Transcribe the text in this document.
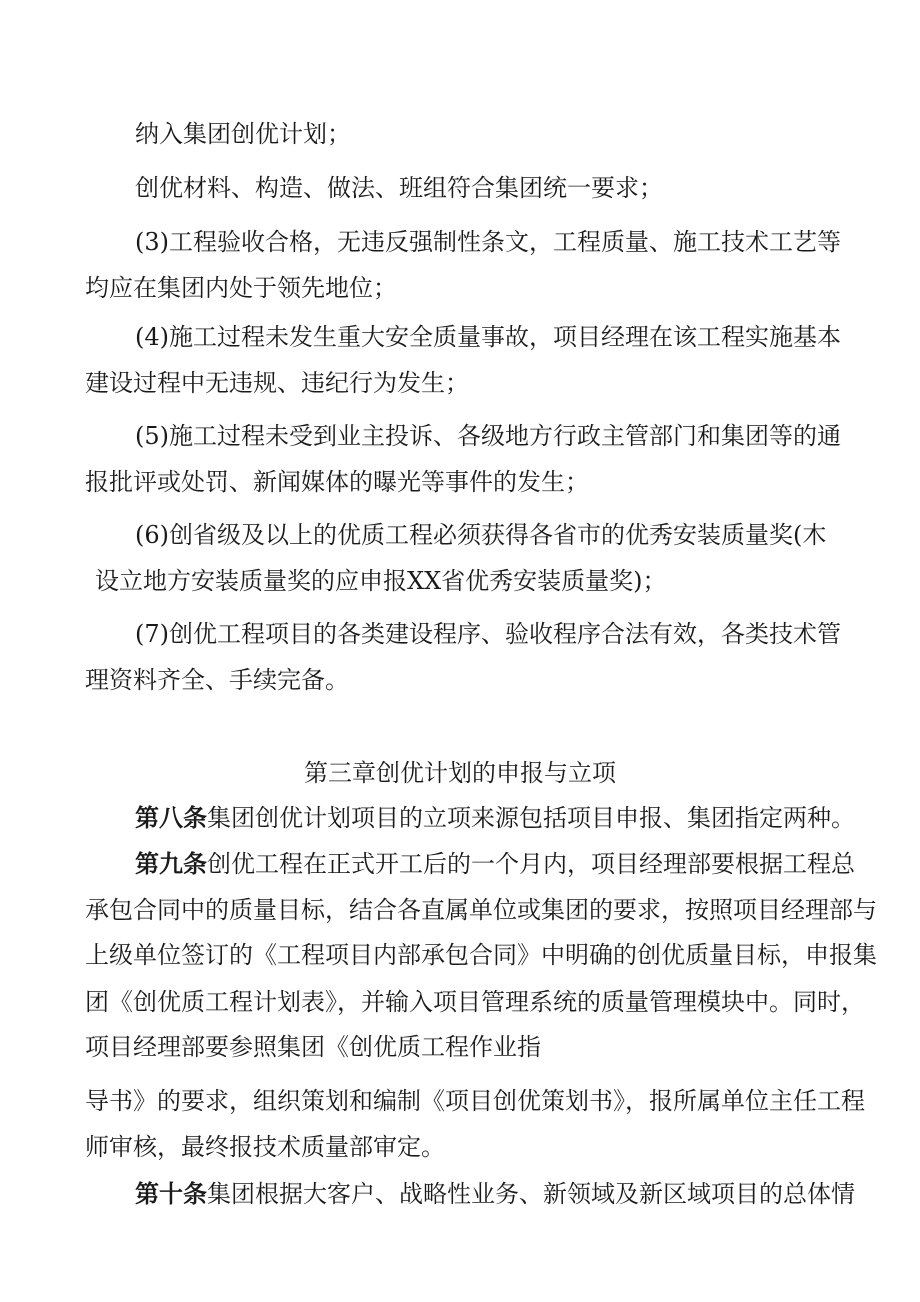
纳入集团创优计划；

创优材料、构造、做法、班组符合集团统一要求；

(3)工程验收合格，无违反强制性条文，工程质量、施工技术工艺等

均应在集团内处于领先地位；

(4)施工过程未发生重大安全质量事故，项目经理在该工程实施基本

建设过程中无违规、违纪行为发生；

(5)施工过程未受到业主投诉、各级地方行政主管部门和集团等的通

报批评或处罚、新闻媒体的曝光等事件的发生；

(6)创省级及以上的优质工程必须获得各省市的优秀安装质量奖(木

设立地方安装质量奖的应申报XX省优秀安装质量奖)；

(7)创优工程项目的各类建设程序、验收程序合法有效，各类技术管

理资料齐全、手续完备。

第三章创优计划的申报与立项

第八条集团创优计划项目的立项来源包括项目申报、集团指定两种。

第九条创优工程在正式开工后的一个月内，项目经理部要根据工程总

承包合同中的质量目标，结合各直属单位或集团的要求，按照项目经理部与

上级单位签订的《工程项目内部承包合同》中明确的创优质量目标，申报集

团《创优质工程计划表》，并输入项目管理系统的质量管理模块中。同时，

项目经理部要参照集团《创优质工程作业指

导书》的要求，组织策划和编制《项目创优策划书》，报所属单位主任工程

师审核，最终报技术质量部审定。

第十条集团根据大客户、战略性业务、新领域及新区域项目的总体情
